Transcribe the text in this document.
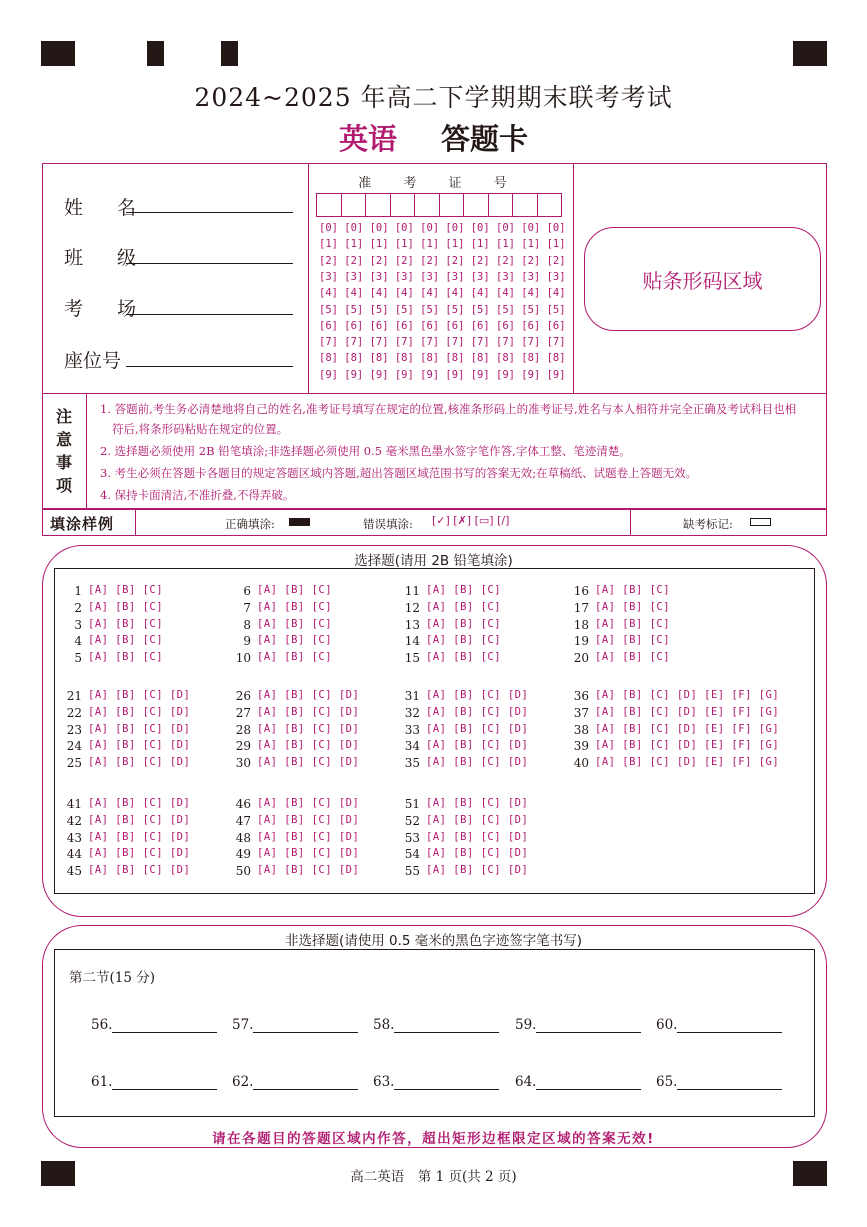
2024~2025 年高二下学期期末联考考试
英语 答题卡
姓 名
班 级
考 场
座位号
准 考 证 号
[0] [0] [0] [0] [0] [0] [0] [0] [0] [0]
[1] [1] [1] [1] [1] [1] [1] [1] [1] [1]
[2] [2] [2] [2] [2] [2] [2] [2] [2] [2]
[3] [3] [3] [3] [3] [3] [3] [3] [3] [3]
[4] [4] [4] [4] [4] [4] [4] [4] [4] [4]
[5] [5] [5] [5] [5] [5] [5] [5] [5] [5]
[6] [6] [6] [6] [6] [6] [6] [6] [6] [6]
[7] [7] [7] [7] [7] [7] [7] [7] [7] [7]
[8] [8] [8] [8] [8] [8] [8] [8] [8] [8]
[9] [9] [9] [9] [9] [9] [9] [9] [9] [9]
贴条形码区域
注
意
事
项
1. 答题前,考生务必清楚地将自己的姓名,准考证号填写在规定的位置,核准条形码上的准考证号,姓名与本人相符并完全正确及考试科目也相
符后,将条形码粘贴在规定的位置。
2. 选择题必须使用 2B 铅笔填涂;非选择题必须使用 0.5 毫米黑色墨水签字笔作答,字体工整、笔迹清楚。
3. 考生必须在答题卡各题目的规定答题区域内答题,超出答题区域范围书写的答案无效;在草稿纸、试题卷上答题无效。
4. 保持卡面清洁,不准折叠,不得弄破。
填涂样例	正确填涂:	错误填涂: [✓] [✗] [▭] [/]	缺考标记:
选择题(请用 2B 铅笔填涂)
1 [A] [B] [C]
2 [A] [B] [C]
3 [A] [B] [C]
4 [A] [B] [C]
5 [A] [B] [C]
6 [A] [B] [C]
7 [A] [B] [C]
8 [A] [B] [C]
9 [A] [B] [C]
10 [A] [B] [C]
11 [A] [B] [C]
12 [A] [B] [C]
13 [A] [B] [C]
14 [A] [B] [C]
15 [A] [B] [C]
16 [A] [B] [C]
17 [A] [B] [C]
18 [A] [B] [C]
19 [A] [B] [C]
20 [A] [B] [C]
21 [A] [B] [C] [D]
22 [A] [B] [C] [D]
23 [A] [B] [C] [D]
24 [A] [B] [C] [D]
25 [A] [B] [C] [D]
26 [A] [B] [C] [D]
27 [A] [B] [C] [D]
28 [A] [B] [C] [D]
29 [A] [B] [C] [D]
30 [A] [B] [C] [D]
31 [A] [B] [C] [D]
32 [A] [B] [C] [D]
33 [A] [B] [C] [D]
34 [A] [B] [C] [D]
35 [A] [B] [C] [D]
36 [A] [B] [C] [D] [E] [F] [G]
37 [A] [B] [C] [D] [E] [F] [G]
38 [A] [B] [C] [D] [E] [F] [G]
39 [A] [B] [C] [D] [E] [F] [G]
40 [A] [B] [C] [D] [E] [F] [G]
41 [A] [B] [C] [D]
42 [A] [B] [C] [D]
43 [A] [B] [C] [D]
44 [A] [B] [C] [D]
45 [A] [B] [C] [D]
46 [A] [B] [C] [D]
47 [A] [B] [C] [D]
48 [A] [B] [C] [D]
49 [A] [B] [C] [D]
50 [A] [B] [C] [D]
51 [A] [B] [C] [D]
52 [A] [B] [C] [D]
53 [A] [B] [C] [D]
54 [A] [B] [C] [D]
55 [A] [B] [C] [D]
非选择题(请使用 0.5 毫米的黑色字迹签字笔书写)
第二节(15 分)
56.	57.	58.	59.	60.
61.	62.	63.	64.	65.
请在各题目的答题区域内作答，超出矩形边框限定区域的答案无效!
高二英语　第 1 页(共 2 页)
